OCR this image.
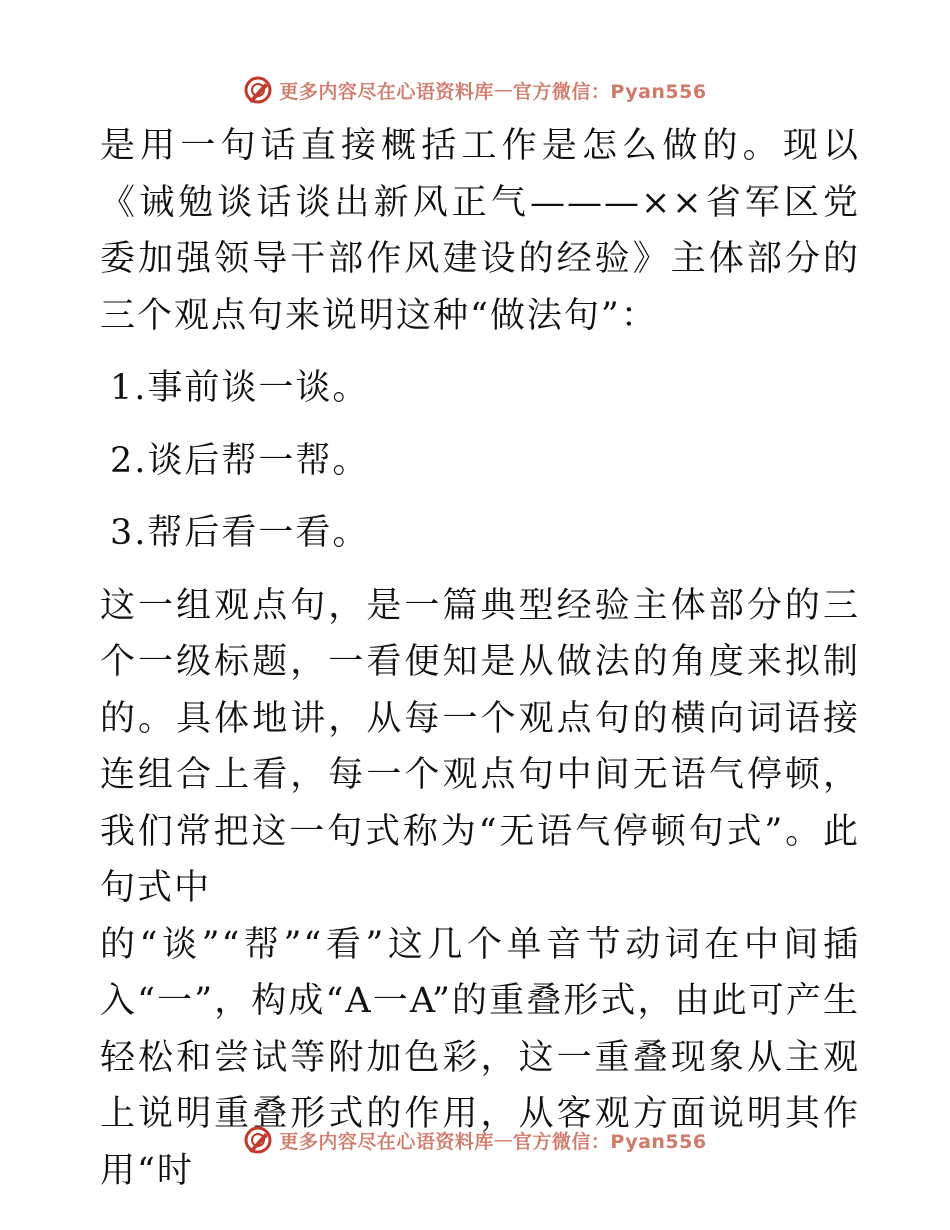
更多内容尽在心语资料库 — 官方微信：Pyan556

是用一句话直接概括工作是怎么做的。现以《诫勉谈话谈出新风正气———××省军区党委加强领导干部作风建设的经验》主体部分的三个观点句来说明这种“做法句”：

1.事前谈一谈。

2.谈后帮一帮。

3.帮后看一看。

这一组观点句，是一篇典型经验主体部分的三个一级标题，一看便知是从做法的角度来拟制的。具体地讲，从每一个观点句的横向词语接连组合上看，每一个观点句中间无语气停顿，我们常把这一句式称为“无语气停顿句式”。此句式中

的“谈”“帮”“看”这几个单音节动词在中间插入“一”，构成“A一A”的重叠形式，由此可产生轻松和尝试等附加色彩，这一重叠现象从主观上说明重叠形式的作用，从客观方面说明其作用“时

更多内容尽在心语资料库 — 官方微信：Pyan556
